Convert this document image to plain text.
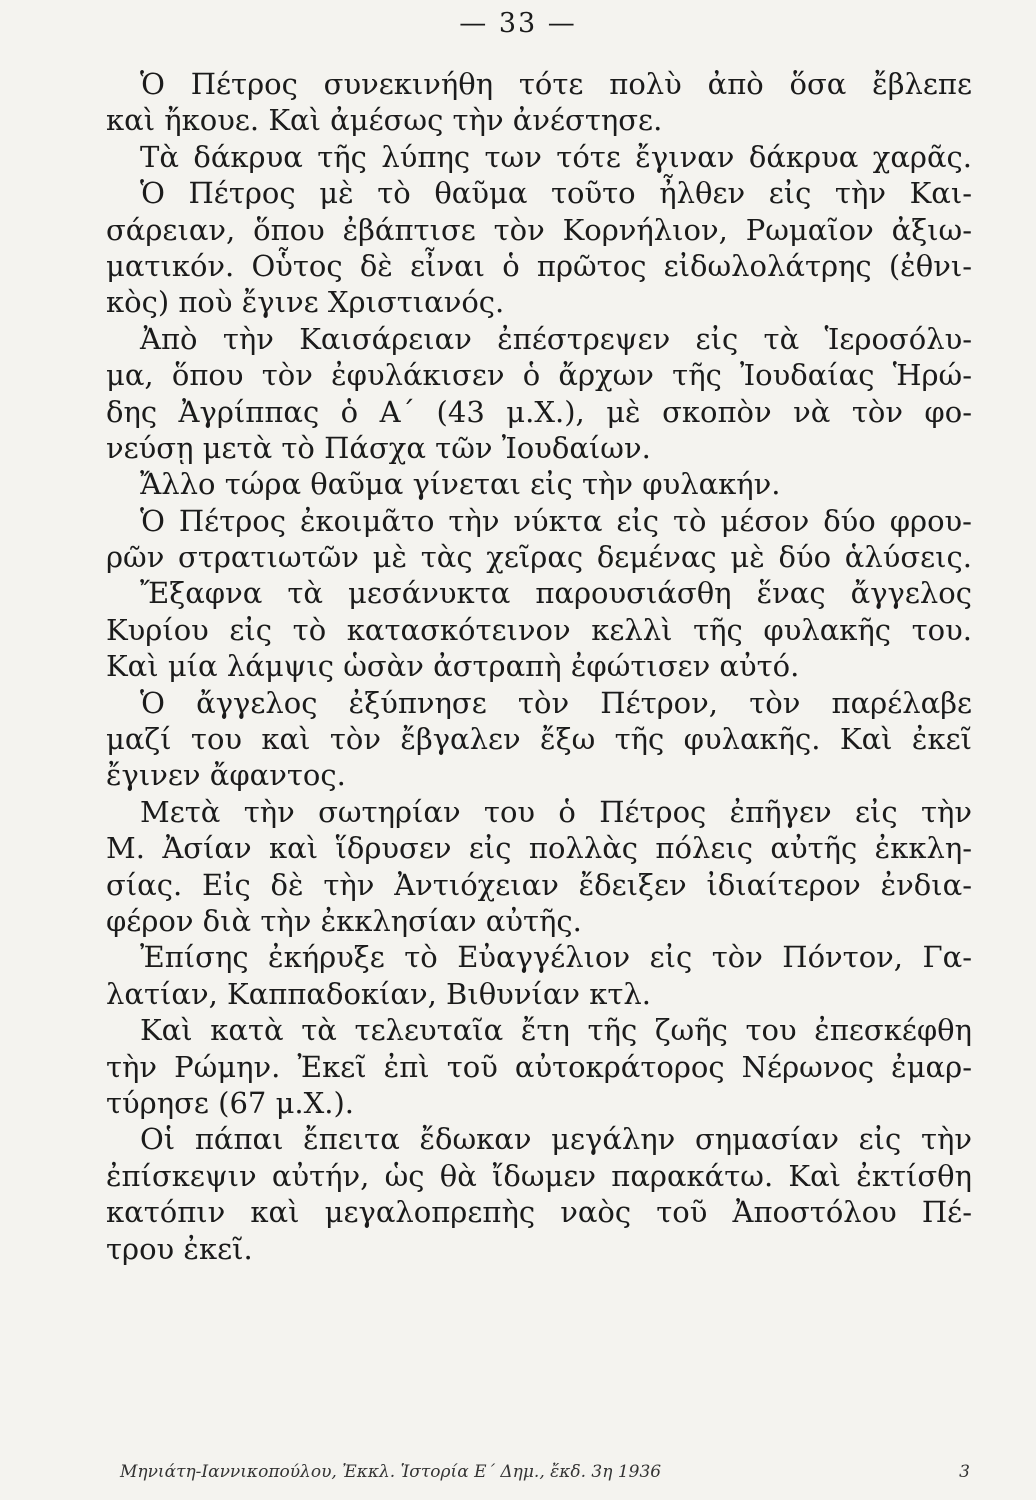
— 33 —
Ὁ Πέτρος συνεκινήθη τότε πολὺ ἀπὸ ὅσα ἔβλεπε
καὶ ἤκουε. Καὶ ἀμέσως τὴν ἀνέστησε.
Τὰ δάκρυα τῆς λύπης των τότε ἔγιναν δάκρυα χαρᾶς.
Ὁ Πέτρος μὲ τὸ θαῦμα τοῦτο ἦλθεν εἰς τὴν Και-
σάρειαν, ὅπου ἐβάπτισε τὸν Κορνήλιον, Ρωμαῖον ἀξιω-
ματικόν. Οὗτος δὲ εἶναι ὁ πρῶτος εἰδωλολάτρης (ἐθνι-
κὸς) ποὺ ἔγινε Χριστιανός.
Ἀπὸ τὴν Καισάρειαν ἐπέστρεψεν εἰς τὰ Ἱεροσόλυ-
μα, ὅπου τὸν ἐφυλάκισεν ὁ ἄρχων τῆς Ἰουδαίας Ἡρώ-
δης Ἀγρίππας ὁ Α΄ (43 μ.Χ.), μὲ σκοπὸν νὰ τὸν φο-
νεύσῃ μετὰ τὸ Πάσχα τῶν Ἰουδαίων.
Ἄλλο τώρα θαῦμα γίνεται εἰς τὴν φυλακήν.
Ὁ Πέτρος ἐκοιμᾶτο τὴν νύκτα εἰς τὸ μέσον δύο φρου-
ρῶν στρατιωτῶν μὲ τὰς χεῖρας δεμένας μὲ δύο ἁλύσεις.
Ἔξαφνα τὰ μεσάνυκτα παρουσιάσθη ἕνας ἄγγελος
Κυρίου εἰς τὸ κατασκότεινον κελλὶ τῆς φυλακῆς του.
Καὶ μία λάμψις ὡσὰν ἀστραπὴ ἐφώτισεν αὐτό.
Ὁ ἄγγελος ἐξύπνησε τὸν Πέτρον, τὸν παρέλαβε
μαζί του καὶ τὸν ἔβγαλεν ἔξω τῆς φυλακῆς. Καὶ ἐκεῖ
ἔγινεν ἄφαντος.
Μετὰ τὴν σωτηρίαν του ὁ Πέτρος ἐπῆγεν εἰς τὴν
Μ. Ἀσίαν καὶ ἵδρυσεν εἰς πολλὰς πόλεις αὐτῆς ἐκκλη-
σίας. Εἰς δὲ τὴν Ἀντιόχειαν ἔδειξεν ἰδιαίτερον ἐνδια-
φέρον διὰ τὴν ἐκκλησίαν αὐτῆς.
Ἐπίσης ἐκήρυξε τὸ Εὐαγγέλιον εἰς τὸν Πόντον, Γα-
λατίαν, Καππαδοκίαν, Βιθυνίαν κτλ.
Καὶ κατὰ τὰ τελευταῖα ἔτη τῆς ζωῆς του ἐπεσκέφθη
τὴν Ρώμην. Ἐκεῖ ἐπὶ τοῦ αὐτοκράτορος Νέρωνος ἐμαρ-
τύρησε (67 μ.Χ.).
Οἱ πάπαι ἔπειτα ἔδωκαν μεγάλην σημασίαν εἰς τὴν
ἐπίσκεψιν αὐτήν, ὡς θὰ ἴδωμεν παρακάτω. Καὶ ἐκτίσθη
κατόπιν καὶ μεγαλοπρεπὴς ναὸς τοῦ Ἀποστόλου Πέ-
τρου ἐκεῖ.
Μηνιάτη-Ιαννικοπούλου, Ἐκκλ. Ἱστορία Ε΄ Δημ., ἔκδ. 3η 1936	3
